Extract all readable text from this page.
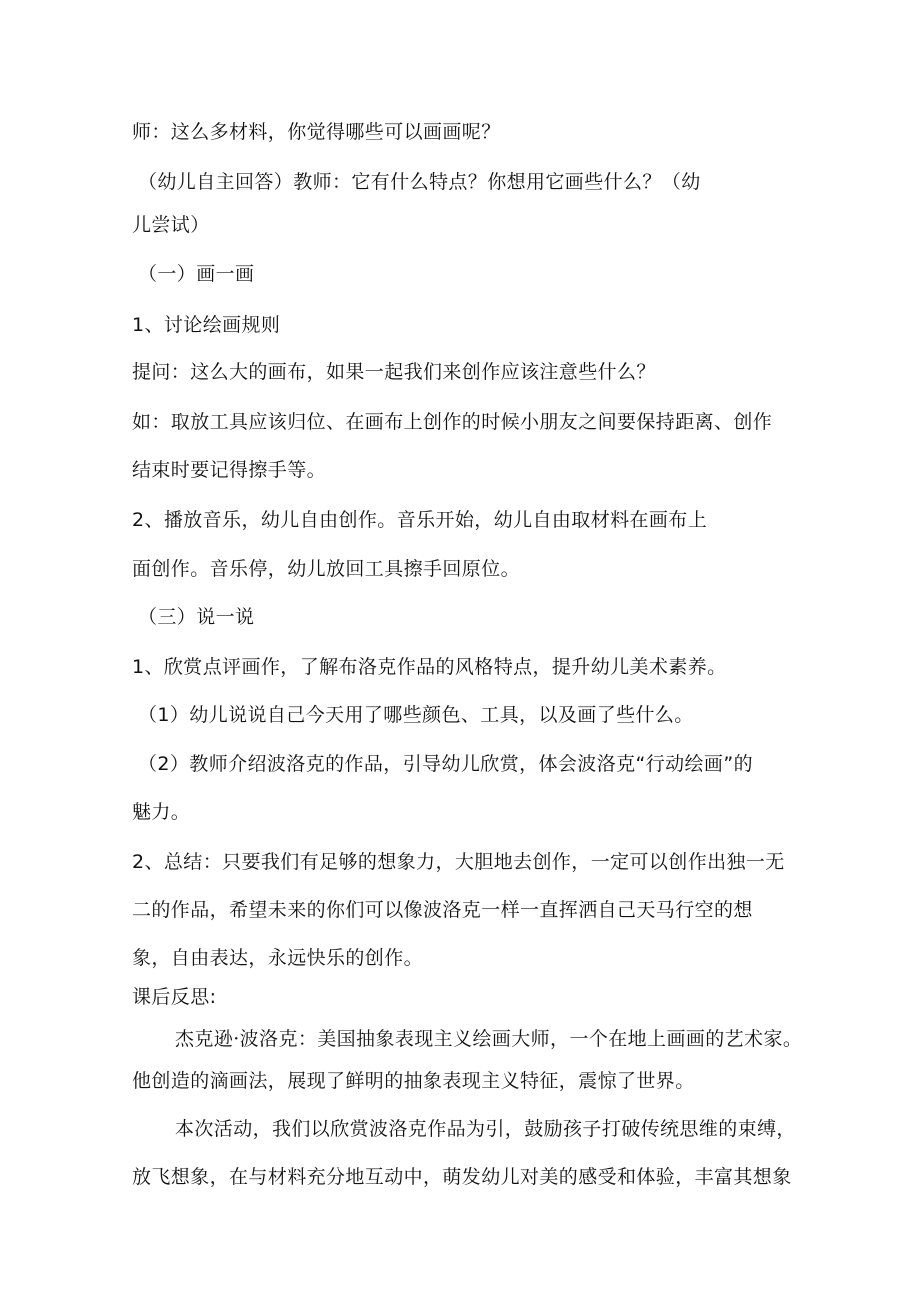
师：这么多材料，你觉得哪些可以画画呢？
（幼儿自主回答）教师：它有什么特点？你想用它画些什么？（幼
儿尝试）
（一）画一画
1、讨论绘画规则
提问：这么大的画布，如果一起我们来创作应该注意些什么？
如：取放工具应该归位、在画布上创作的时候小朋友之间要保持距离、创作
结束时要记得擦手等。
2、播放音乐，幼儿自由创作。音乐开始，幼儿自由取材料在画布上
面创作。音乐停，幼儿放回工具擦手回原位。
（三）说一说
1、欣赏点评画作，了解布洛克作品的风格特点，提升幼儿美术素养。
（1）幼儿说说自己今天用了哪些颜色、工具，以及画了些什么。
（2）教师介绍波洛克的作品，引导幼儿欣赏，体会波洛克“行动绘画”的
魅力。
2、总结：只要我们有足够的想象力，大胆地去创作，一定可以创作出独一无
二的作品，希望未来的你们可以像波洛克一样一直挥洒自己天马行空的想
象，自由表达，永远快乐的创作。
课后反思:
杰克逊·波洛克：美国抽象表现主义绘画大师，一个在地上画画的艺术家。
他创造的滴画法，展现了鲜明的抽象表现主义特征，震惊了世界。
本次活动，我们以欣赏波洛克作品为引，鼓励孩子打破传统思维的束缚，
放飞想象，在与材料充分地互动中，萌发幼儿对美的感受和体验，丰富其想象
